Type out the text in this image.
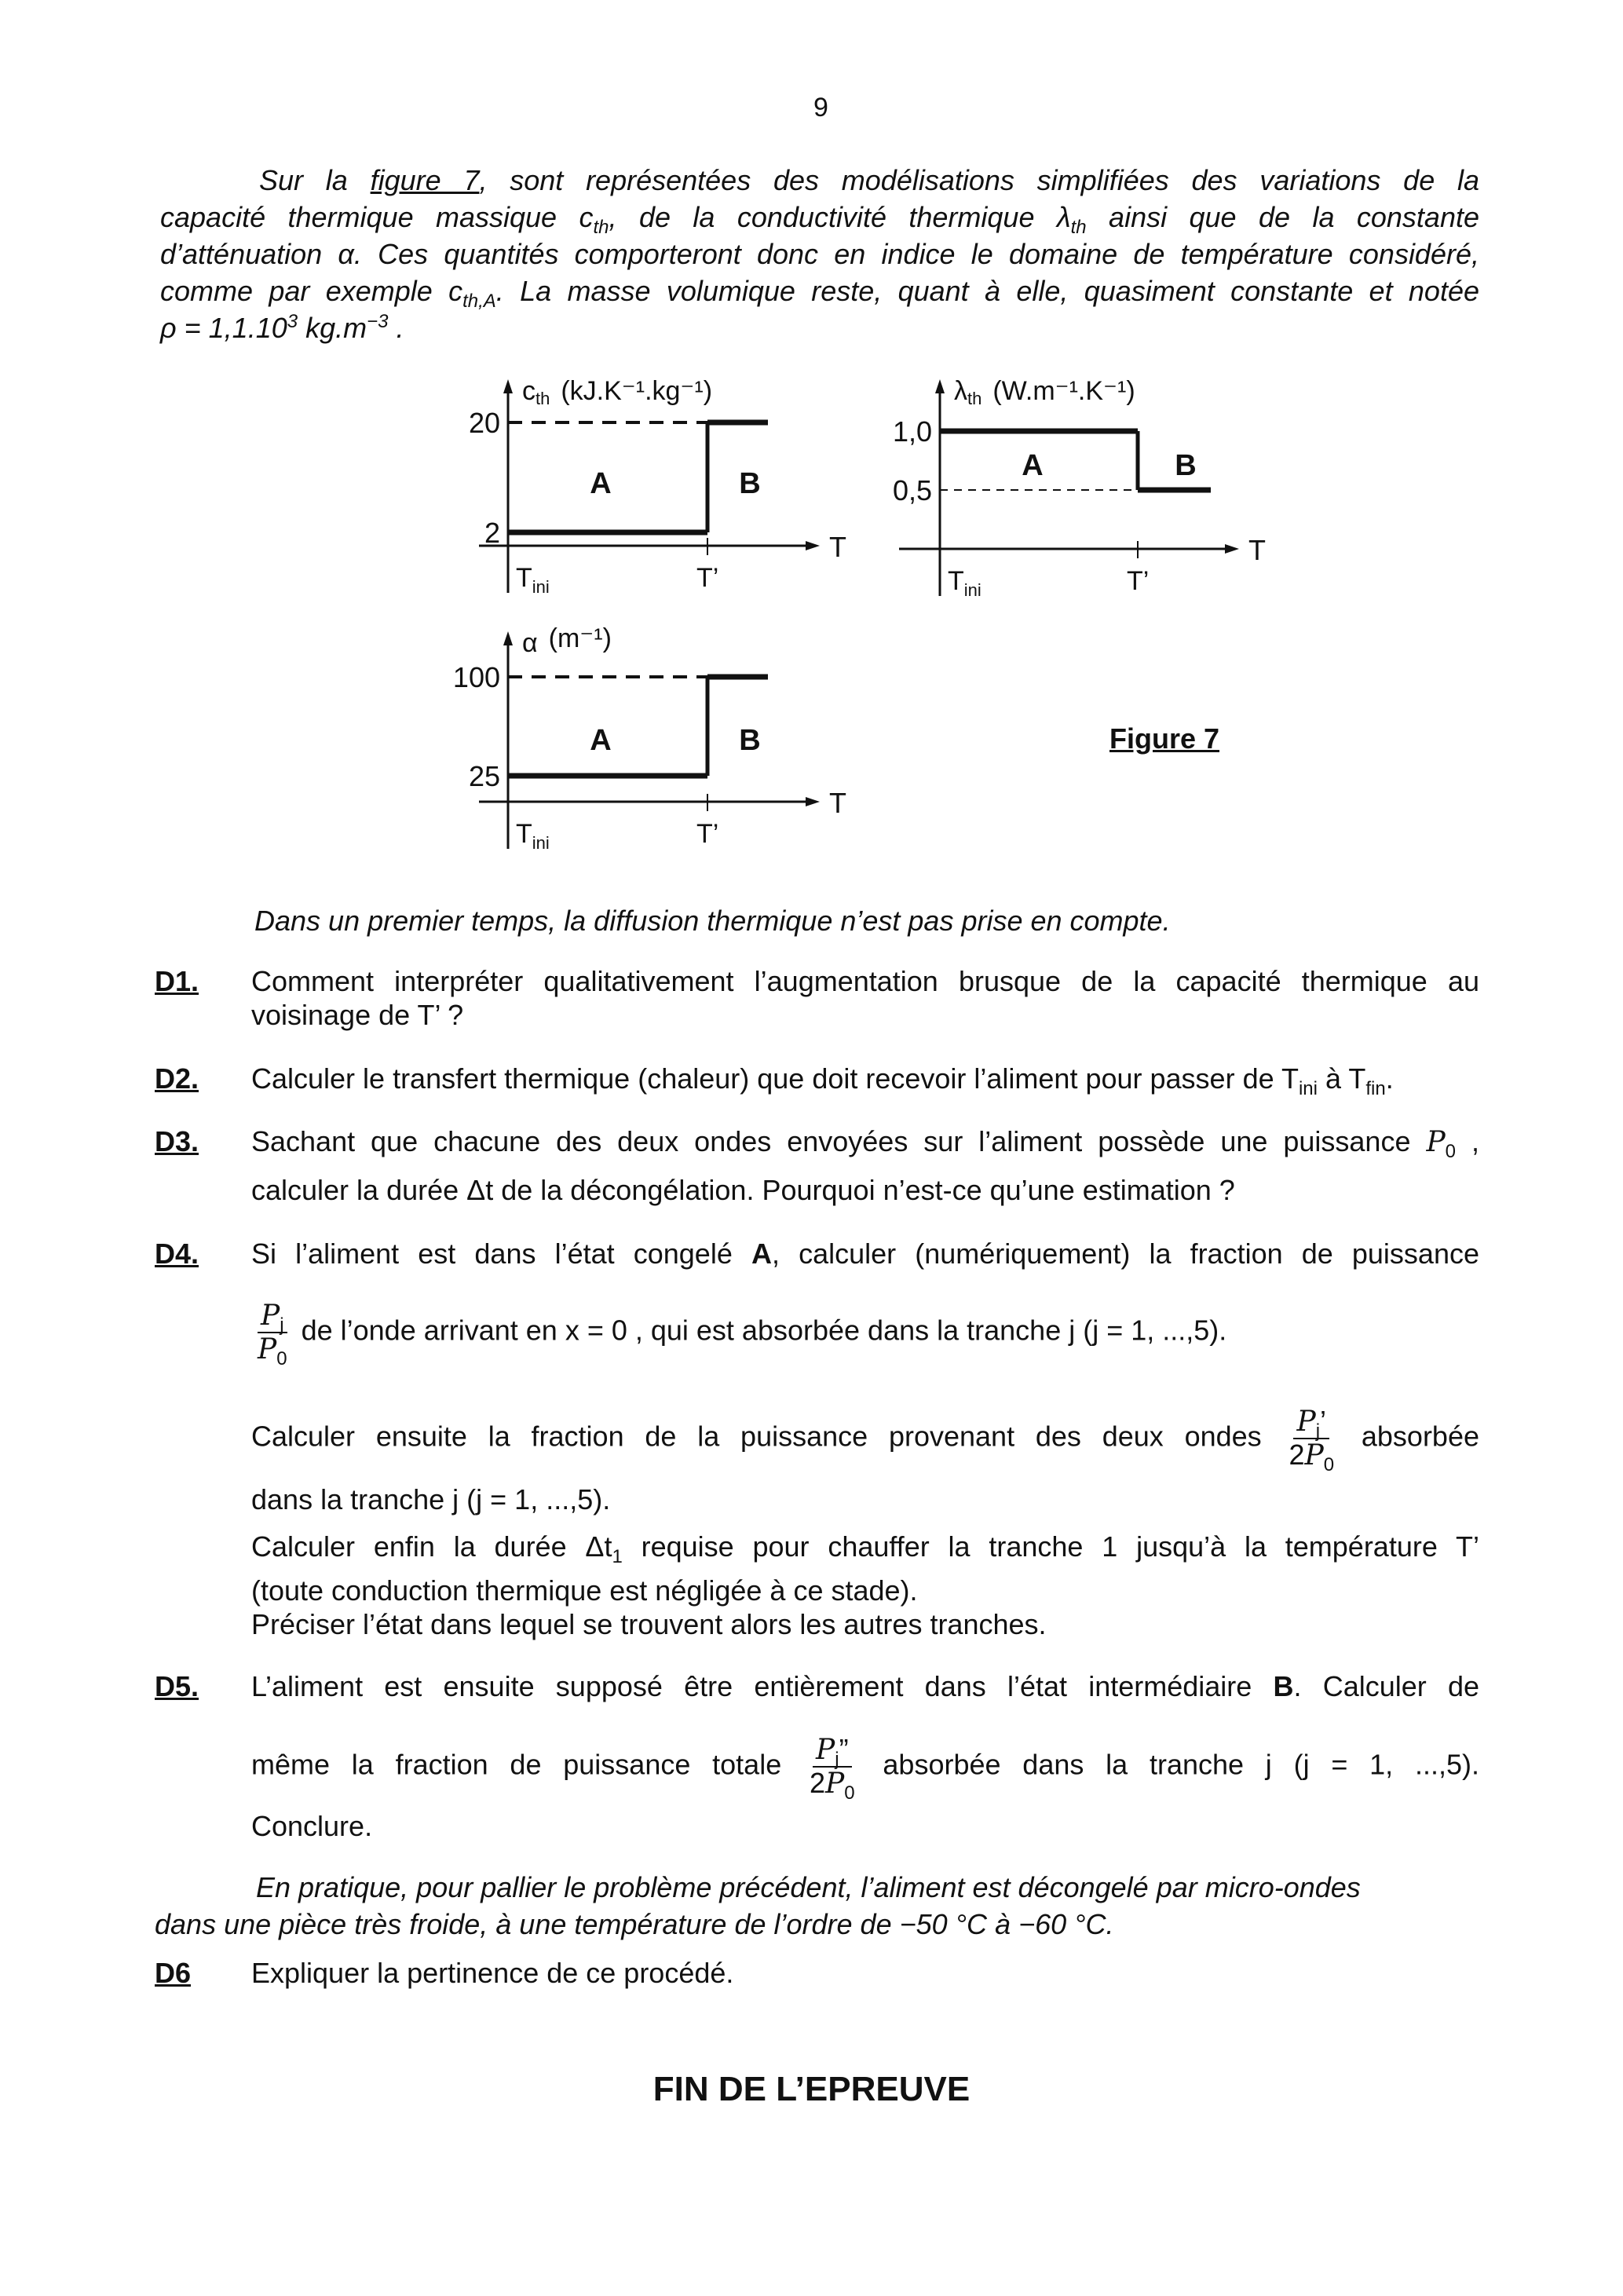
9
Sur la figure 7, sont représentées des modélisations simplifiées des variations de la
capacité thermique massique $c_{th}$, de la conductivité thermique $\lambda_{th}$ ainsi que de la constante
d’atténuation α. Ces quantités comporteront donc en indice le domaine de température considéré,
comme par exemple $c_{th,A}$. La masse volumique reste, quant à elle, quasiment constante et notée
$\rho = 1,1.10^3$ $kg.m^{-3}$ .
Dans un premier temps, la diffusion thermique n’est pas prise en compte.
D1. Comment interpréter qualitativement l’augmentation brusque de la capacité thermique au
voisinage de T’ ?
D2. Calculer le transfert thermique (chaleur) que doit recevoir l’aliment pour passer de $T_{ini}$ à $T_{fin}$.
D3. Sachant que chacune des deux ondes envoyées sur l’aliment possède une puissance $P_0$ ,
calculer la durée Δt de la décongélation. Pourquoi n’est-ce qu’une estimation ?
D4. Si l’aliment est dans l’état congelé A, calculer (numériquement) la fraction de puissance
$\frac{P_j}{P_0}$ de l’onde arrivant en x = 0 , qui est absorbée dans la tranche j (j = 1, ...,5).
Calculer ensuite la fraction de la puissance provenant des deux ondes $\frac{P_j’}{2P_0}$ absorbée
dans la tranche j (j = 1, ...,5).
Calculer enfin la durée $\Delta t_1$ requise pour chauffer la tranche 1 jusqu’à la température T’
(toute conduction thermique est négligée à ce stade).
Préciser l’état dans lequel se trouvent alors les autres tranches.
D5. L’aliment est ensuite supposé être entièrement dans l’état intermédiaire B. Calculer de
même la fraction de puissance totale $\frac{P_j”}{2P_0}$ absorbée dans la tranche j (j = 1, ...,5).
Conclure.
En pratique, pour pallier le problème précédent, l’aliment est décongelé par micro-ondes
dans une pièce très froide, à une température de l’ordre de −50 °C à −60 °C.
D6 Expliquer la pertinence de ce procédé.
20
2
cth (kJ.K⁻¹.kg⁻¹)
$T_{ini}$	T’
T
A	B
1,0
0,5
λth (W.m⁻¹.K⁻¹)
$T_{ini}$	T’
T
A	B
100
25
α (m⁻¹)
$T_{ini}$	T’
T
A	B	Figure 7
FIN DE L’EPREUVE
